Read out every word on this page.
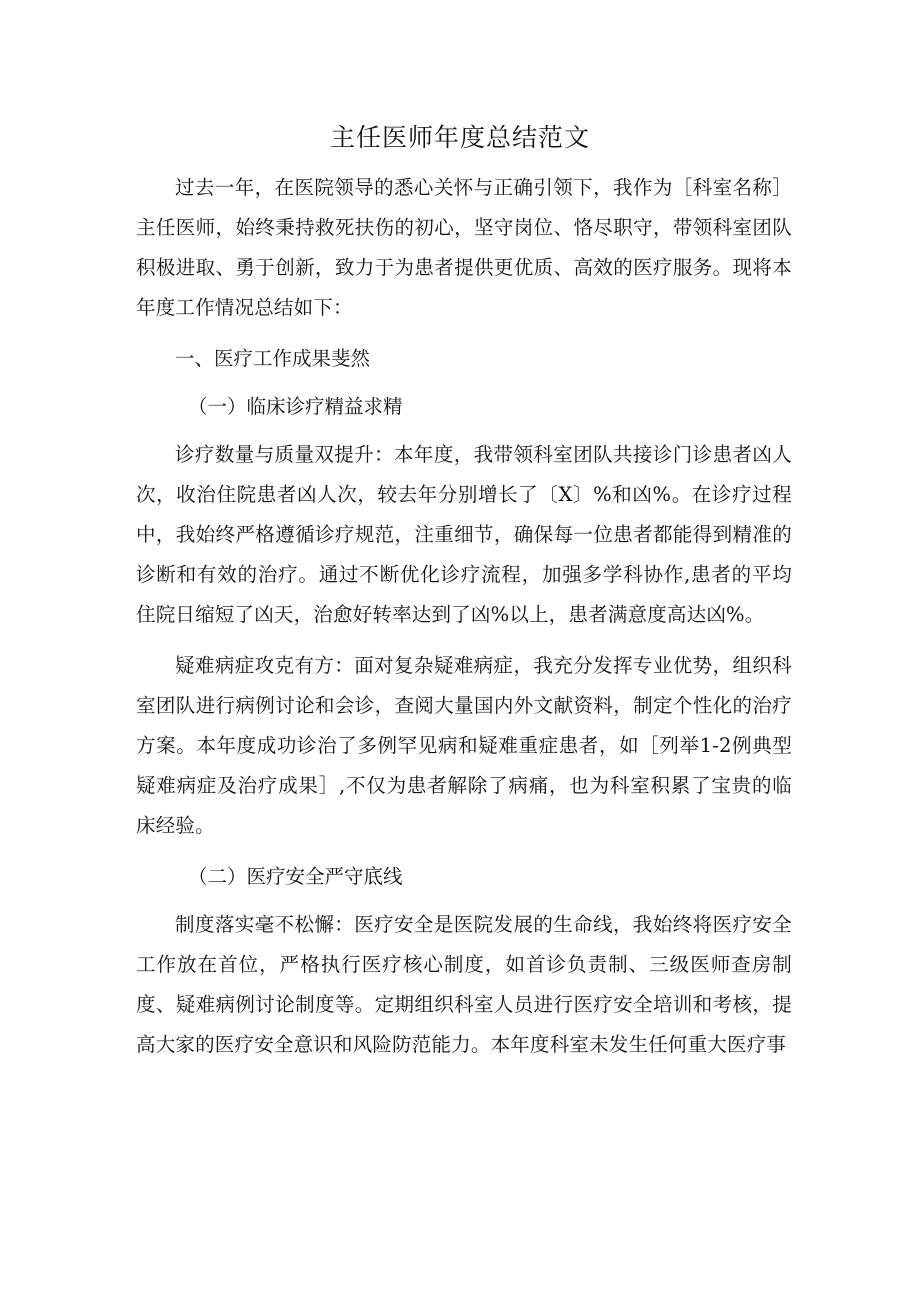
主任医师年度总结范文

过去一年，在医院领导的悉心关怀与正确引领下，我作为［科室名称］主任医师，始终秉持救死扶伤的初心，坚守岗位、恪尽职守，带领科室团队积极进取、勇于创新，致力于为患者提供更优质、高效的医疗服务。现将本年度工作情况总结如下：

一、医疗工作成果斐然
（一）临床诊疗精益求精

诊疗数量与质量双提升：本年度，我带领科室团队共接诊门诊患者凶人次，收治住院患者凶人次，较去年分别增长了〔X〕%和凶%。在诊疗过程中，我始终严格遵循诊疗规范，注重细节，确保每一位患者都能得到精准的诊断和有效的治疗。通过不断优化诊疗流程，加强多学科协作,患者的平均住院日缩短了凶天，治愈好转率达到了凶%以上，患者满意度高达凶%。

疑难病症攻克有方：面对复杂疑难病症，我充分发挥专业优势，组织科室团队进行病例讨论和会诊，查阅大量国内外文献资料，制定个性化的治疗方案。本年度成功诊治了多例罕见病和疑难重症患者，如［列举1-2例典型疑难病症及治疗成果］,不仅为患者解除了病痛，也为科室积累了宝贵的临床经验。

（二）医疗安全严守底线

制度落实毫不松懈：医疗安全是医院发展的生命线，我始终将医疗安全工作放在首位，严格执行医疗核心制度，如首诊负责制、三级医师查房制度、疑难病例讨论制度等。定期组织科室人员进行医疗安全培训和考核，提高大家的医疗安全意识和风险防范能力。本年度科室未发生任何重大医疗事
